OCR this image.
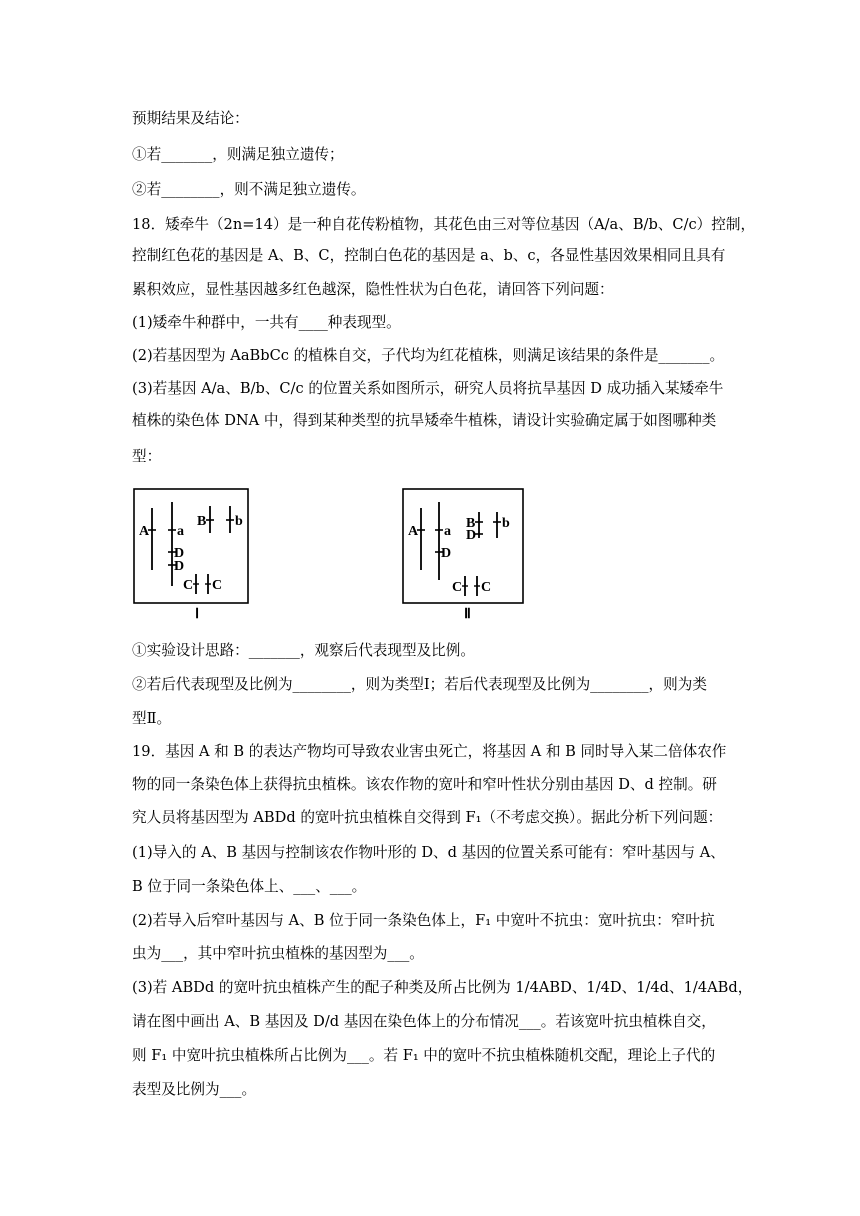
预期结果及结论：
①若_______，则满足独立遗传；
②若________，则不满足独立遗传。
18．矮牵牛（2n=14）是一种自花传粉植物，其花色由三对等位基因（A/a、B/b、C/c）控制，
控制红色花的基因是 A、B、C，控制白色花的基因是 a、b、c，各显性基因效果相同且具有
累积效应，显性基因越多红色越深，隐性性状为白色花，请回答下列问题：
(1)矮牵牛种群中，一共有____种表现型。
(2)若基因型为 AaBbCc 的植株自交，子代均为红花植株，则满足该结果的条件是_______。
(3)若基因 A/a、B/b、C/c 的位置关系如图所示，研究人员将抗旱基因 D 成功插入某矮牵牛
植株的染色体 DNA 中，得到某种类型的抗旱矮牵牛植株，请设计实验确定属于如图哪种类
型：
A a
D
D
B b
C C
Ⅰ
A a
D
B
D
b
C C
Ⅱ
①实验设计思路：_______，观察后代表现型及比例。
②若后代表现型及比例为________，则为类型Ⅰ；若后代表现型及比例为________，则为类
型Ⅱ。
19．基因 A 和 B 的表达产物均可导致农业害虫死亡，将基因 A 和 B 同时导入某二倍体农作
物的同一条染色体上获得抗虫植株。该农作物的宽叶和窄叶性状分别由基因 D、d 控制。研
究人员将基因型为 ABDd 的宽叶抗虫植株自交得到 F₁（不考虑交换）。据此分析下列问题：
(1)导入的 A、B 基因与控制该农作物叶形的 D、d 基因的位置关系可能有：窄叶基因与 A、
B 位于同一条染色体上、___、___。
(2)若导入后窄叶基因与 A、B 位于同一条染色体上，F₁ 中宽叶不抗虫：宽叶抗虫：窄叶抗
虫为___，其中窄叶抗虫植株的基因型为___。
(3)若 ABDd 的宽叶抗虫植株产生的配子种类及所占比例为 1/4ABD、1/4D、1/4d、1/4ABd，
请在图中画出 A、B 基因及 D/d 基因在染色体上的分布情况___。若该宽叶抗虫植株自交，
则 F₁ 中宽叶抗虫植株所占比例为___。若 F₁ 中的宽叶不抗虫植株随机交配，理论上子代的
表型及比例为___。
